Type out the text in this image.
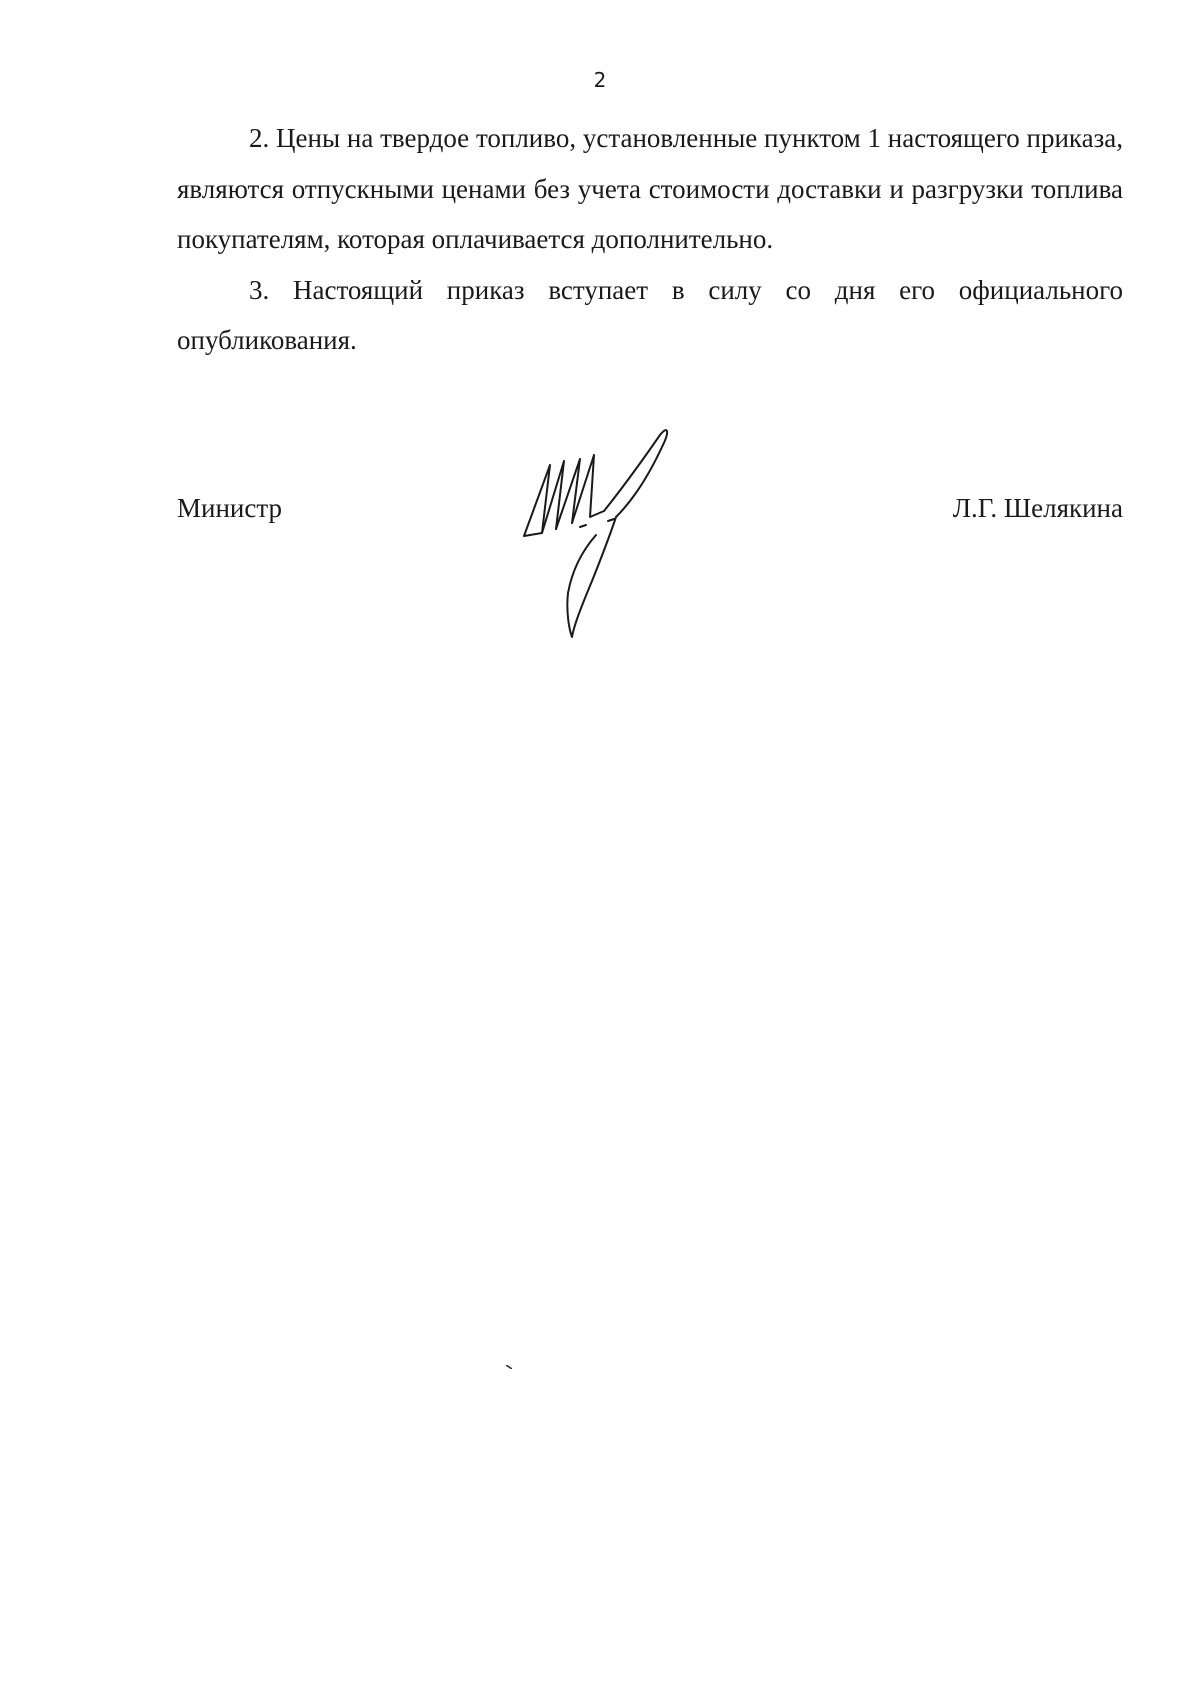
2

2. Цены на твердое топливо, установленные пунктом 1 настоящего приказа, являются отпускными ценами без учета стоимости доставки и разгрузки топлива покупателям, которая оплачивается дополнительно.

3. Настоящий приказ вступает в силу со дня его официального опубликования.

Министр	Л.Г. Шелякина
